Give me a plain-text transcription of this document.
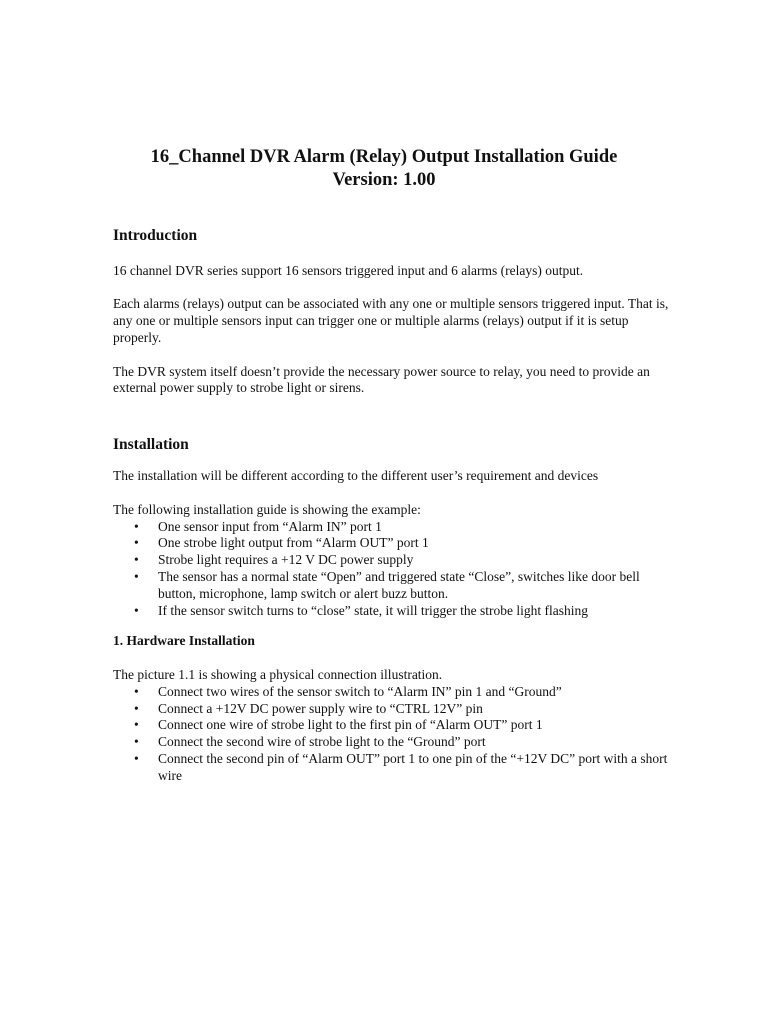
16_Channel DVR Alarm (Relay) Output Installation Guide
Version: 1.00
Introduction

16 channel DVR series support 16 sensors triggered input and 6 alarms (relays) output.

Each alarms (relays) output can be associated with any one or multiple sensors triggered input. That is, any one or multiple sensors input can trigger one or multiple alarms (relays) output if it is setup properly.

The DVR system itself doesn’t provide the necessary power source to relay, you need to provide an external power supply to strobe light or sirens.

Installation

The installation will be different according to the different user’s requirement and devices

The following installation guide is showing the example:

• One sensor input from “Alarm IN” port 1
• One strobe light output from “Alarm OUT” port 1
• Strobe light requires a +12 V DC power supply
• The sensor has a normal state “Open” and triggered state “Close”, switches like door bell button, microphone, lamp switch or alert buzz button.
• If the sensor switch turns to “close” state, it will trigger the strobe light flashing
1. Hardware Installation

The picture 1.1 is showing a physical connection illustration.

• Connect two wires of the sensor switch to “Alarm IN” pin 1 and “Ground”
• Connect a +12V DC power supply wire to “CTRL 12V” pin
• Connect one wire of strobe light to the first pin of “Alarm OUT” port 1
• Connect the second wire of strobe light to the “Ground” port
• Connect the second pin of “Alarm OUT” port 1 to one pin of the “+12V DC” port with a short wire
